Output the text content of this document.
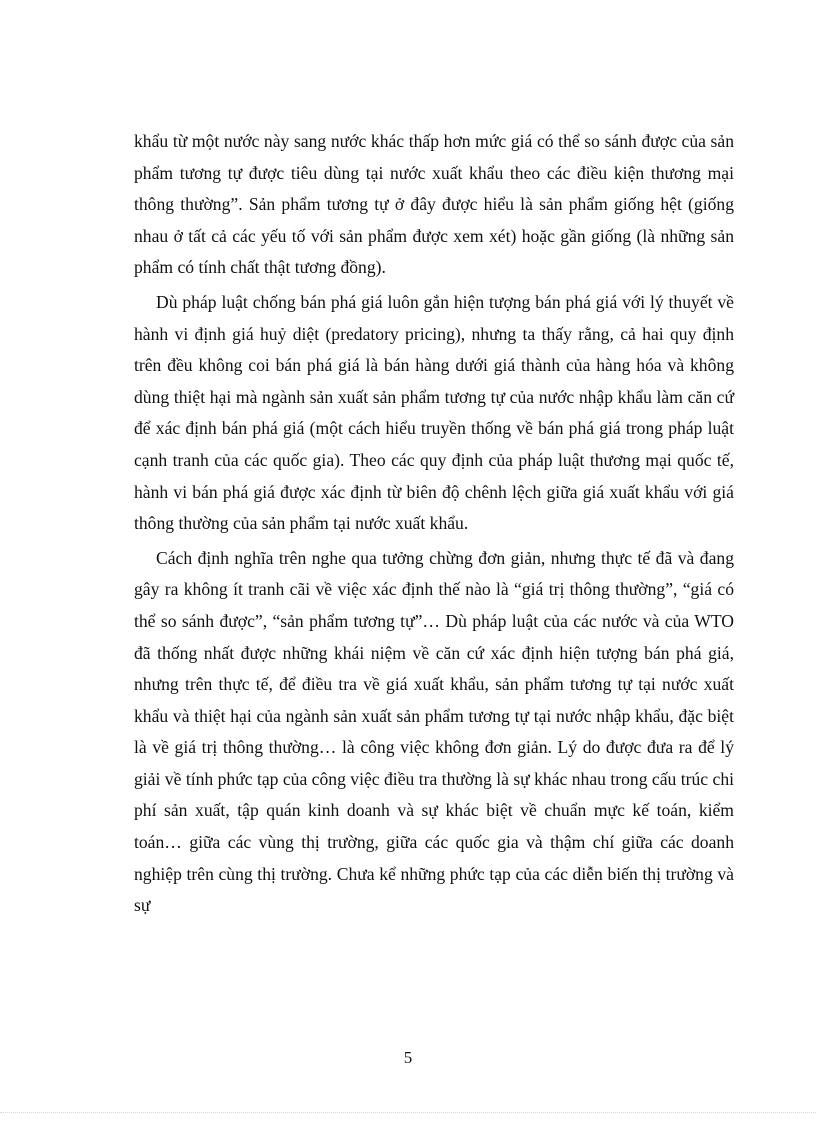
khẩu từ một nước này sang nước khác thấp hơn mức giá có thể so sánh được của sản phẩm tương tự được tiêu dùng tại nước xuất khẩu theo các điều kiện thương mại thông thường”. Sản phẩm tương tự ở đây được hiểu là sản phẩm giống hệt (giống nhau ở tất cả các yếu tố với sản phẩm được xem xét) hoặc gần giống (là những sản phẩm có tính chất thật tương đồng).

Dù pháp luật chống bán phá giá luôn gắn hiện tượng bán phá giá với lý thuyết về hành vi định giá huỷ diệt (predatory pricing), nhưng ta thấy rằng, cả hai quy định trên đều không coi bán phá giá là bán hàng dưới giá thành của hàng hóa và không dùng thiệt hại mà ngành sản xuất sản phẩm tương tự của nước nhập khẩu làm căn cứ để xác định bán phá giá (một cách hiểu truyền thống về bán phá giá trong pháp luật cạnh tranh của các quốc gia). Theo các quy định của pháp luật thương mại quốc tế, hành vi bán phá giá được xác định từ biên độ chênh lệch giữa giá xuất khẩu với giá thông thường của sản phẩm tại nước xuất khẩu.

Cách định nghĩa trên nghe qua tưởng chừng đơn giản, nhưng thực tế đã và đang gây ra không ít tranh cãi về việc xác định thế nào là “giá trị thông thường”, “giá có thể so sánh được”, “sản phẩm tương tự”… Dù pháp luật của các nước và của WTO đã thống nhất được những khái niệm về căn cứ xác định hiện tượng bán phá giá, nhưng trên thực tế, để điều tra về giá xuất khẩu, sản phẩm tương tự tại nước xuất khẩu và thiệt hại của ngành sản xuất sản phẩm tương tự tại nước nhập khẩu, đặc biệt là về giá trị thông thường… là công việc không đơn giản. Lý do được đưa ra để lý giải về tính phức tạp của công việc điều tra thường là sự khác nhau trong cấu trúc chi phí sản xuất, tập quán kinh doanh và sự khác biệt về chuẩn mực kế toán, kiểm toán… giữa các vùng thị trường, giữa các quốc gia và thậm chí giữa các doanh nghiệp trên cùng thị trường. Chưa kể những phức tạp của các diễn biến thị trường và sự

5
